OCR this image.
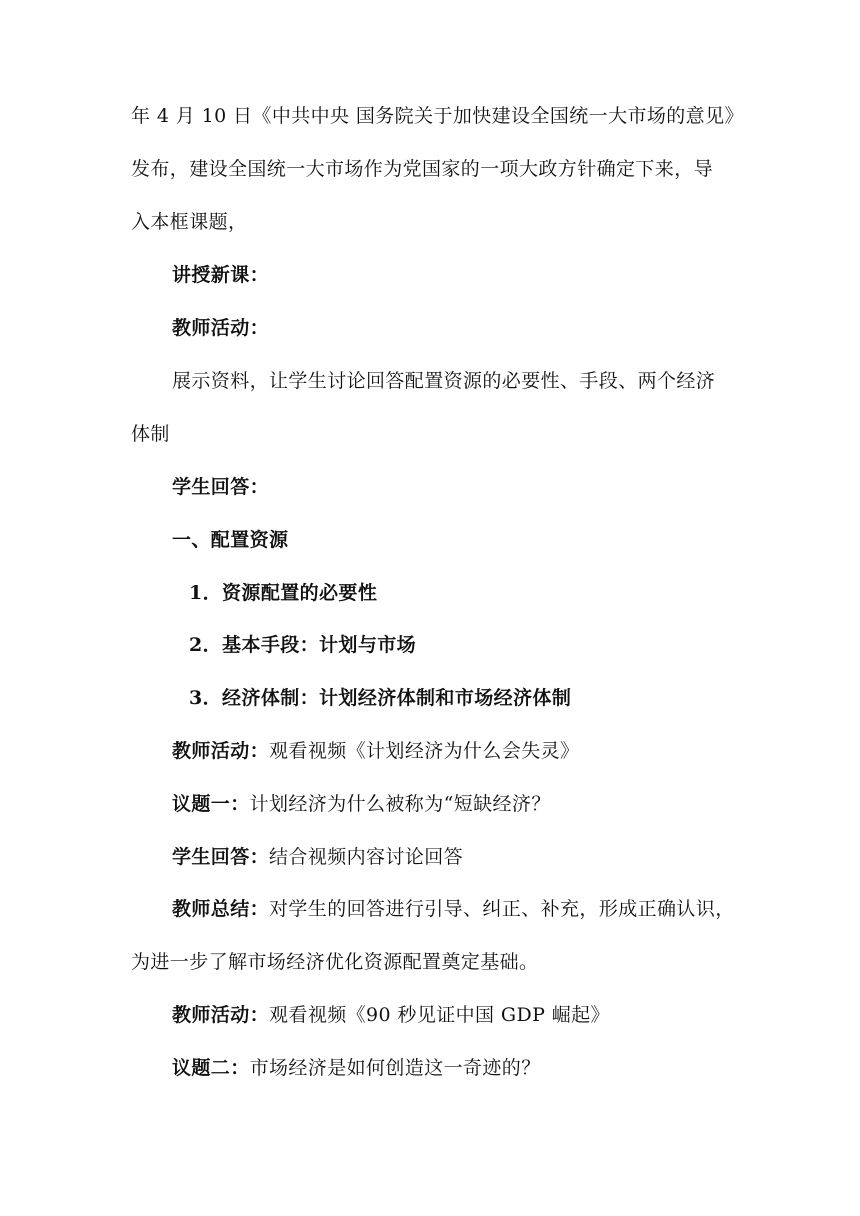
年 4 月 10 日《中共中央 国务院关于加快建设全国统一大市场的意见》
发布，建设全国统一大市场作为党国家的一项大政方针确定下来，导
入本框课题，
讲授新课：
教师活动：
展示资料，让学生讨论回答配置资源的必要性、手段、两个经济
体制
学生回答：
一、配置资源
1．资源配置的必要性
2．基本手段：计划与市场
3．经济体制：计划经济体制和市场经济体制
教师活动：观看视频《计划经济为什么会失灵》
议题一：计划经济为什么被称为“短缺经济？
学生回答：结合视频内容讨论回答
教师总结：对学生的回答进行引导、纠正、补充，形成正确认识，
为进一步了解市场经济优化资源配置奠定基础。
教师活动：观看视频《90 秒见证中国 GDP 崛起》
议题二：市场经济是如何创造这一奇迹的？
